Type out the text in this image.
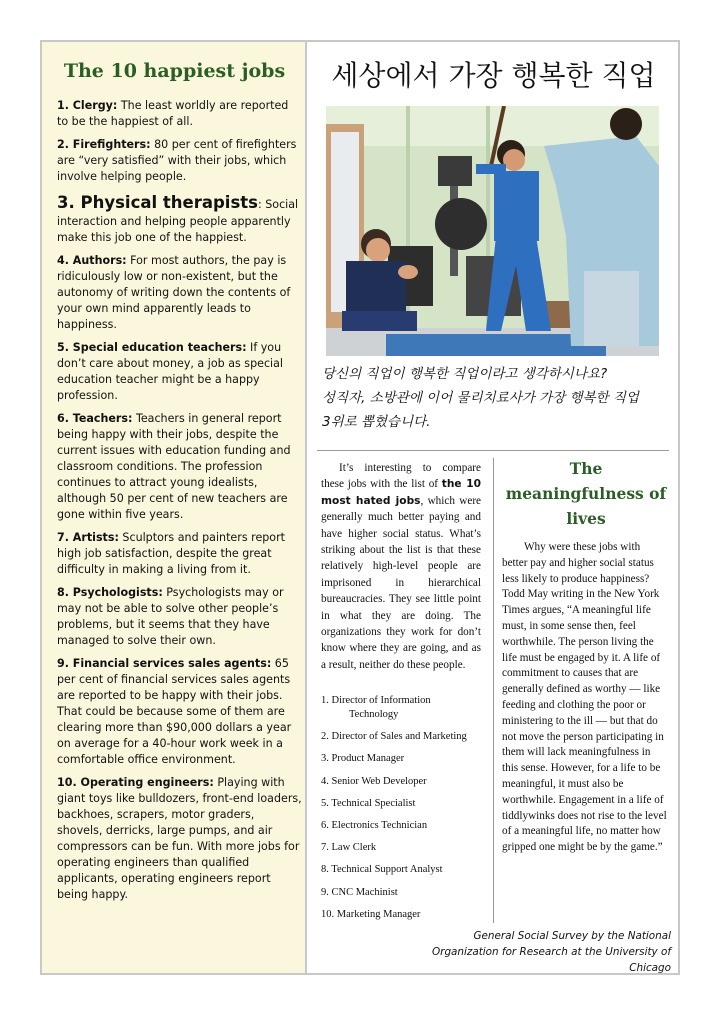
The 10 happiest jobs
1. Clergy: The least worldly are reported to be the happiest of all.
2. Firefighters: 80 per cent of firefighters are “very satisfied” with their jobs, which involve helping people.
3. Physical therapists: Social interaction and helping people apparently make this job one of the happiest.
4. Authors: For most authors, the pay is ridiculously low or non-existent, but the autonomy of writing down the contents of your own mind apparently leads to happiness.
5. Special education teachers: If you don’t care about money, a job as special education teacher might be a happy profession.
6. Teachers: Teachers in general report being happy with their jobs, despite the current issues with education funding and classroom conditions. The profession continues to attract young idealists, although 50 per cent of new teachers are gone within five years.
7. Artists: Sculptors and painters report high job satisfaction, despite the great difficulty in making a living from it.
8. Psychologists: Psychologists may or may not be able to solve other people’s problems, but it seems that they have managed to solve their own.
9. Financial services sales agents: 65 per cent of financial services sales agents are reported to be happy with their jobs. That could be because some of them are clearing more than $90,000 dollars a year on average for a 40-hour work week in a comfortable office environment.
10. Operating engineers: Playing with giant toys like bulldozers, front-end loaders, backhoes, scrapers, motor graders, shovels, derricks, large pumps, and air compressors can be fun. With more jobs for operating engineers than qualified applicants, operating engineers report being happy.
세상에서 가장 행복한 직업
당신의 직업이 행복한 직업이라고 생각하시나요?
성직자, 소방관에 이어 물리치료사가 가장 행복한 직업
3위로 뽑혔습니다.
It’s interesting to compare these jobs with the list of the 10 most hated jobs, which were generally much better paying and have higher social status. What’s striking about the list is that these relatively high-level people are imprisoned in hierarchical bureaucracies. They see little point in what they are doing. The organizations they work for don’t know where they are going, and as a result, neither do these people.
1. Director of Information
Technology
2. Director of Sales and Marketing
3. Product Manager
4. Senior Web Developer
5. Technical Specialist
6. Electronics Technician
7. Law Clerk
8. Technical Support Analyst
9. CNC Machinist
10. Marketing Manager
The meaningfulness of lives
Why were these jobs with better pay and higher social status less likely to produce happiness? Todd May writing in the New York Times argues, “A meaningful life must, in some sense then, feel worthwhile. The person living the life must be engaged by it. A life of commitment to causes that are generally defined as worthy — like feeding and clothing the poor or ministering to the ill — but that do not move the person participating in them will lack meaningfulness in this sense. However, for a life to be meaningful, it must also be worthwhile. Engagement in a life of tiddlywinks does not rise to the level of a meaningful life, no matter how gripped one might be by the game.”
General Social Survey by the National Organization for Research at the University of Chicago
